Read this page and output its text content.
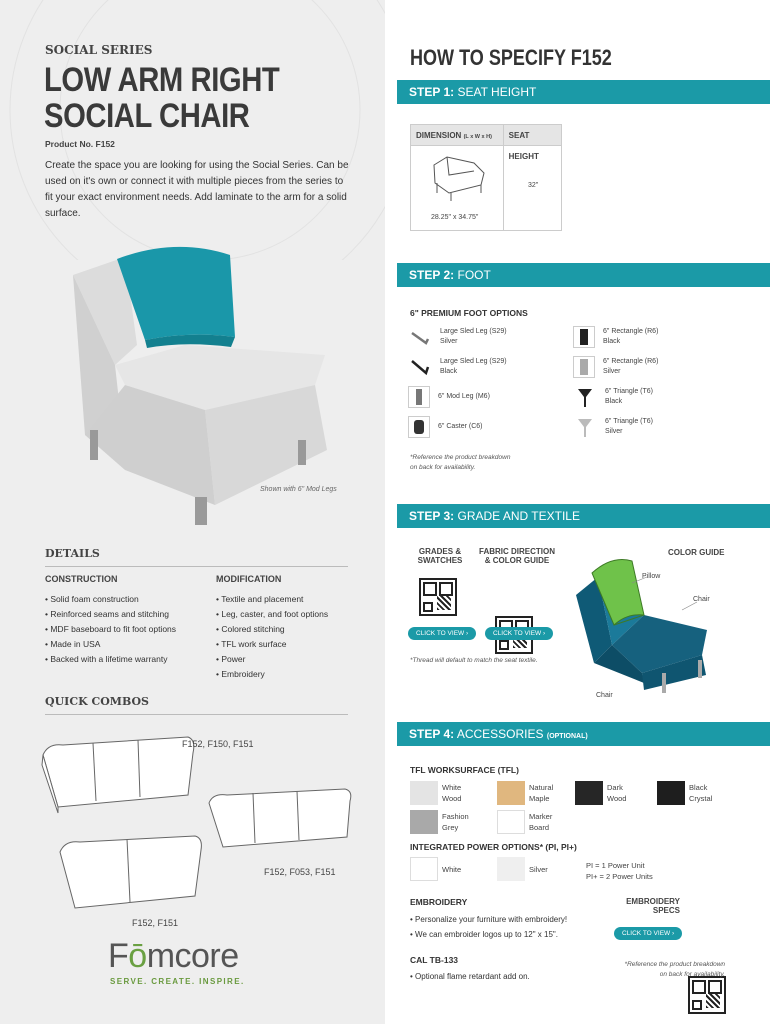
SOCIAL SERIES
LOW ARM RIGHT
SOCIAL CHAIR
Product No. F152
Create the space you are looking for using the Social Series. Can be used on it's own or connect it with multiple pieces from the series to fit your exact environment needs. Add laminate to the arm for a solid surface.
Shown with 6" Mod Legs
DETAILS
CONSTRUCTION
• Solid foam construction
• Reinforced seams and stitching
• MDF baseboard to fit foot options
• Made in USA
• Backed with a lifetime warranty
MODIFICATION
• Textile and placement
• Leg, caster, and foot options
• Colored stitching
• TFL work surface
• Power
• Embroidery
QUICK COMBOS
F152, F150, F151
F152, F053, F151
F152, F151
Fōmcore
SERVE. CREATE. INSPIRE.
HOW TO SPECIFY F152
STEP 1: SEAT HEIGHT
DIMENSION (L x W x H)	SEAT HEIGHT
28.25" x 34.75"
32"
STEP 2: FOOT
6" PREMIUM FOOT OPTIONS
Large Sled Leg (S29)
Silver
Large Sled Leg (S29)
Black
6" Mod Leg (M6)
6" Caster (C6)
6" Rectangle (R6)
Black
6" Rectangle (R6)
Silver
6" Triangle (T6)
Black
6" Triangle (T6)
Silver
*Reference the product breakdown
on back for availability.
STEP 3: GRADE AND TEXTILE
GRADES &
SWATCHES
FABRIC DIRECTION
& COLOR GUIDE
COLOR GUIDE
CLICK TO VIEW ›	CLICK TO VIEW ›
*Thread will default to match the seat textile.
Pillow
Chair
Chair
STEP 4: ACCESSORIES (OPTIONAL)
TFL WORKSURFACE (TFL)
White
Wood
Natural
Maple
Dark
Wood
Black
Crystal
Fashion
Grey
Marker
Board
INTEGRATED POWER OPTIONS* (PI, PI+)
White	Silver	PI = 1 Power Unit
PI+ = 2 Power Units
EMBROIDERY
• Personalize your furniture with embroidery!
• We can embroider logos up to 12" x 15".
EMBROIDERY
SPECS
CLICK TO VIEW ›
CAL TB-133
• Optional flame retardant add on.
*Reference the product breakdown
on back for availability.
